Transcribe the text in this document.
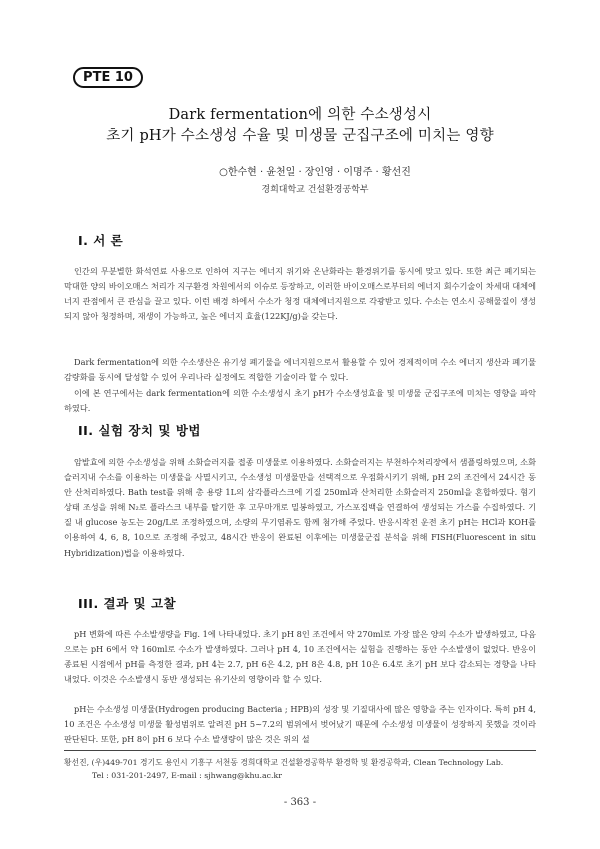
PTE 10
Dark fermentation에 의한 수소생성시
초기 pH가 수소생성 수율 및 미생물 군집구조에 미치는 영향
○한수현 · 윤천일 · 장인영 · 이명주 · 황선진
경희대학교 건설환경공학부
I. 서 론

인간의 무분별한 화석연료 사용으로 인하여 지구는 에너지 위기와 온난화라는 환경위기를 동시에 맞고 있다. 또한 최근 폐기되는 막대한 양의 바이오매스 처리가 지구환경 차원에서의 이슈로 등장하고, 이러한 바이오매스로부터의 에너지 회수기술이 차세대 대체에너지 관점에서 큰 관심을 끌고 있다. 이런 배경 하에서 수소가 청정 대체에너지원으로 각광받고 있다. 수소는 연소시 공해물질이 생성되지 않아 청정하며, 재생이 가능하고, 높은 에너지 효율(122KJ/g)을 갖는다.

Dark fermentation에 의한 수소생산은 유기성 폐기물을 에너지원으로서 활용할 수 있어 경제적이며 수소 에너지 생산과 폐기물 감량화를 동시에 달성할 수 있어 우리나라 실정에도 적합한 기술이라 할 수 있다.

이에 본 연구에서는 dark fermentation에 의한 수소생성시 초기 pH가 수소생성효율 및 미생물 군집구조에 미치는 영향을 파악하였다.

II. 실험 장치 및 방법

암발효에 의한 수소생성을 위해 소화슬러지를 접종 미생물로 이용하였다. 소화슬러지는 부천하수처리장에서 샘플링하였으며, 소화슬러지내 수소를 이용하는 미생물을 사멸시키고, 수소생성 미생물만을 선택적으로 우점화시키기 위해, pH 2의 조건에서 24시간 동안 산처리하였다. Bath test를 위해 총 용량 1L의 삼각플라스크에 기질 250ml과 산처리한 소화슬러지 250ml을 혼합하였다. 혐기상태 조성을 위해 N₂로 플라스크 내부를 탈기한 후 고무마개로 밀봉하였고, 가스포집백을 연결하여 생성되는 가스를 수집하였다. 기질 내 glucose 농도는 20g/L로 조정하였으며, 소량의 무기염류도 함께 첨가해 주었다. 반응시작전 운전 초기 pH는 HCl과 KOH를 이용하여 4, 6, 8, 10으로 조정해 주었고, 48시간 반응이 완료된 이후에는 미생물군집 분석을 위해 FISH(Fluorescent in situ Hybridization)법을 이용하였다.

III. 결과 및 고찰

pH 변화에 따른 수소발생량을 Fig. 1에 나타내었다. 초기 pH 8인 조건에서 약 270ml로 가장 많은 양의 수소가 발생하였고, 다음으로는 pH 6에서 약 160ml로 수소가 발생하였다. 그러나 pH 4, 10 조건에서는 실험을 진행하는 동안 수소발생이 없었다. 반응이 종료된 시점에서 pH를 측정한 결과, pH 4는 2.7, pH 6은 4.2, pH 8은 4.8, pH 10은 6.4로 초기 pH 보다 감소되는 경향을 나타내었다. 이것은 수소발생시 동반 생성되는 유기산의 영향이라 할 수 있다.

pH는 수소생성 미생물(Hydrogen producing Bacteria ; HPB)의 성장 및 기질대사에 많은 영향을 주는 인자이다. 특히 pH 4, 10 조건은 수소생성 미생물 활성범위로 알려진 pH 5~7.2의 범위에서 벗어났기 때문에 수소생성 미생물이 성장하지 못했을 것이라 판단된다. 또한, pH 8이 pH 6 보다 수소 발생량이 많은 것은 위의 설

황선진, (우)449-701 경기도 용인시 기흥구 서천동 경희대학교 건설환경공학부 환경학 및 환경공학과, Clean Technology Lab.
Tel : 031-201-2497, E-mail : sjhwang@khu.ac.kr
- 363 -
